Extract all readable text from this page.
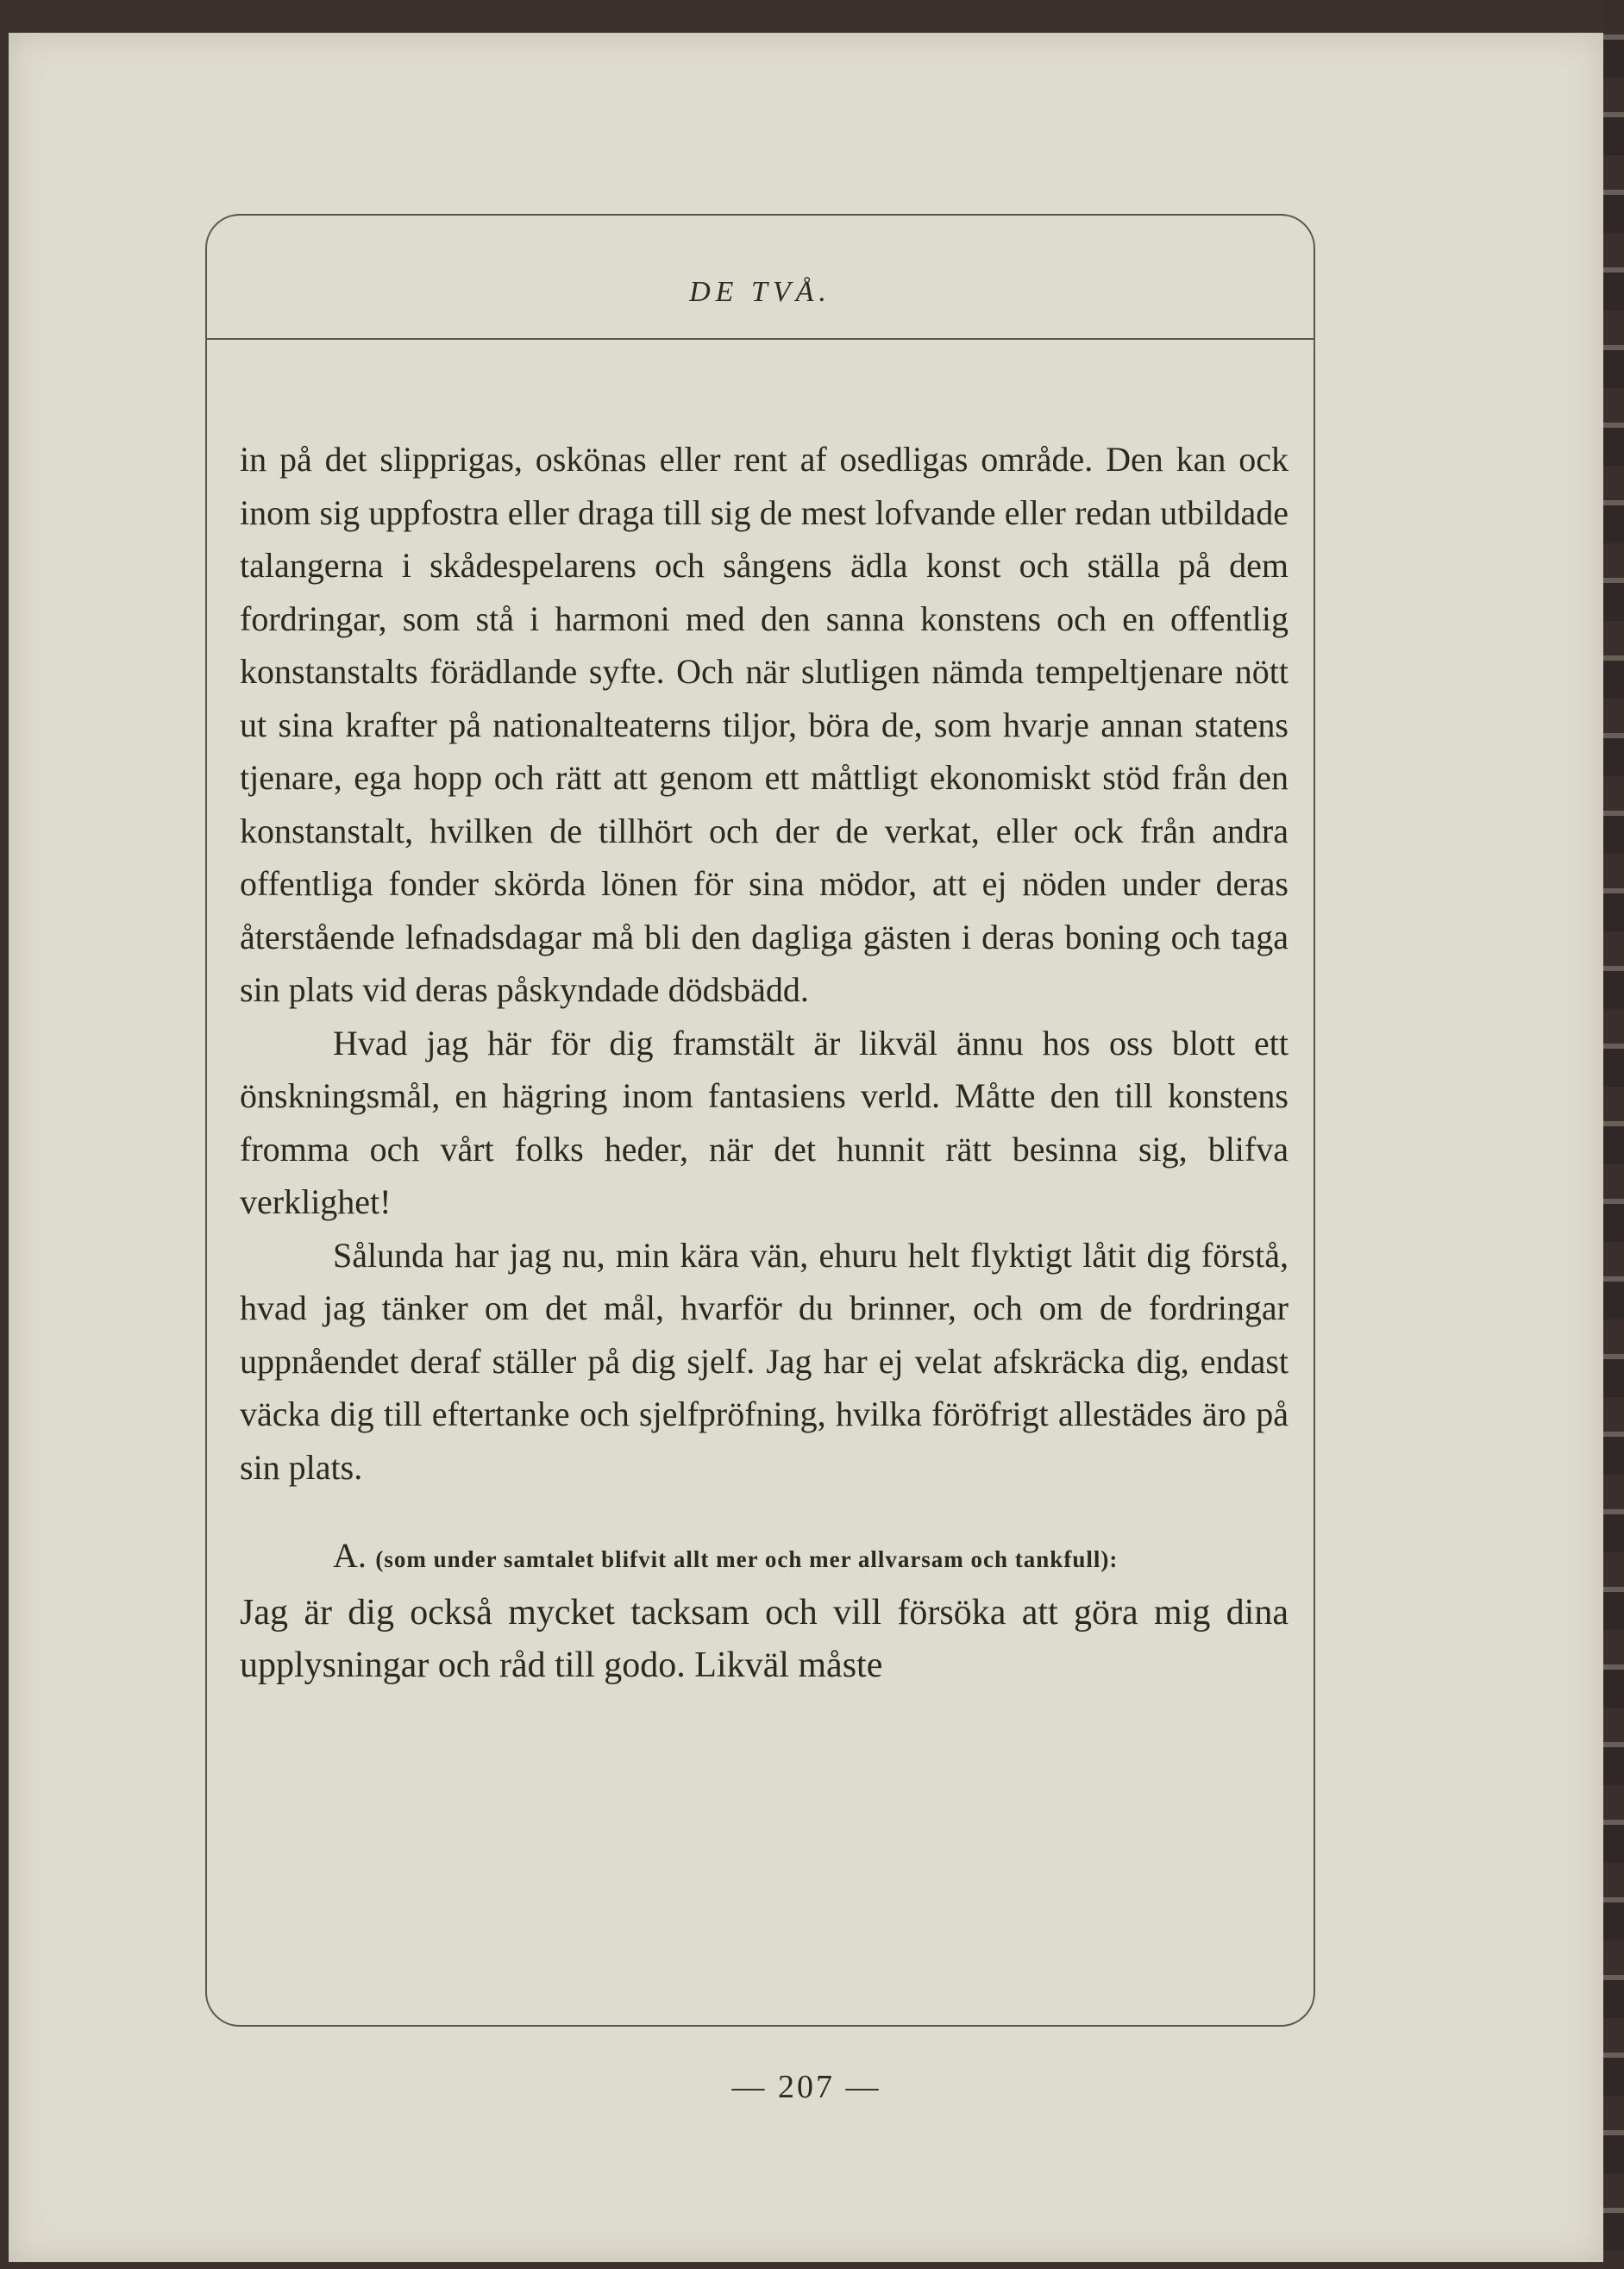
DE TVÅ.

in på det slipprigas, oskönas eller rent af osedligas område. Den kan ock inom sig uppfostra eller draga till sig de mest lofvande eller redan utbildade talangerna i skådespelarens och sångens ädla konst och ställa på dem fordringar, som stå i harmoni med den sanna konstens och en offentlig konstanstalts förädlande syfte. Och när slutligen nämda tempeltjenare nött ut sina krafter på nationalteaterns tiljor, böra de, som hvarje annan statens tjenare, ega hopp och rätt att genom ett måttligt ekonomiskt stöd från den konstanstalt, hvilken de tillhört och der de verkat, eller ock från andra offentliga fonder skörda lönen för sina mödor, att ej nöden under deras återstående lefnadsdagar må bli den dagliga gästen i deras boning och taga sin plats vid deras påskyndade dödsbädd.

Hvad jag här för dig framstält är likväl ännu hos oss blott ett önskningsmål, en hägring inom fantasiens verld. Måtte den till konstens fromma och vårt folks heder, när det hunnit rätt besinna sig, blifva verklighet!

Sålunda har jag nu, min kära vän, ehuru helt flyktigt låtit dig förstå, hvad jag tänker om det mål, hvarför du brinner, och om de fordringar uppnåendet deraf ställer på dig sjelf. Jag har ej velat afskräcka dig, endast väcka dig till eftertanke och sjelfpröfning, hvilka föröfrigt allestädes äro på sin plats.

A. (som under samtalet blifvit allt mer och mer allvarsam och tankfull):

Jag är dig också mycket tacksam och vill försöka att göra mig dina upplysningar och råd till godo. Likväl måste

— 207 —
